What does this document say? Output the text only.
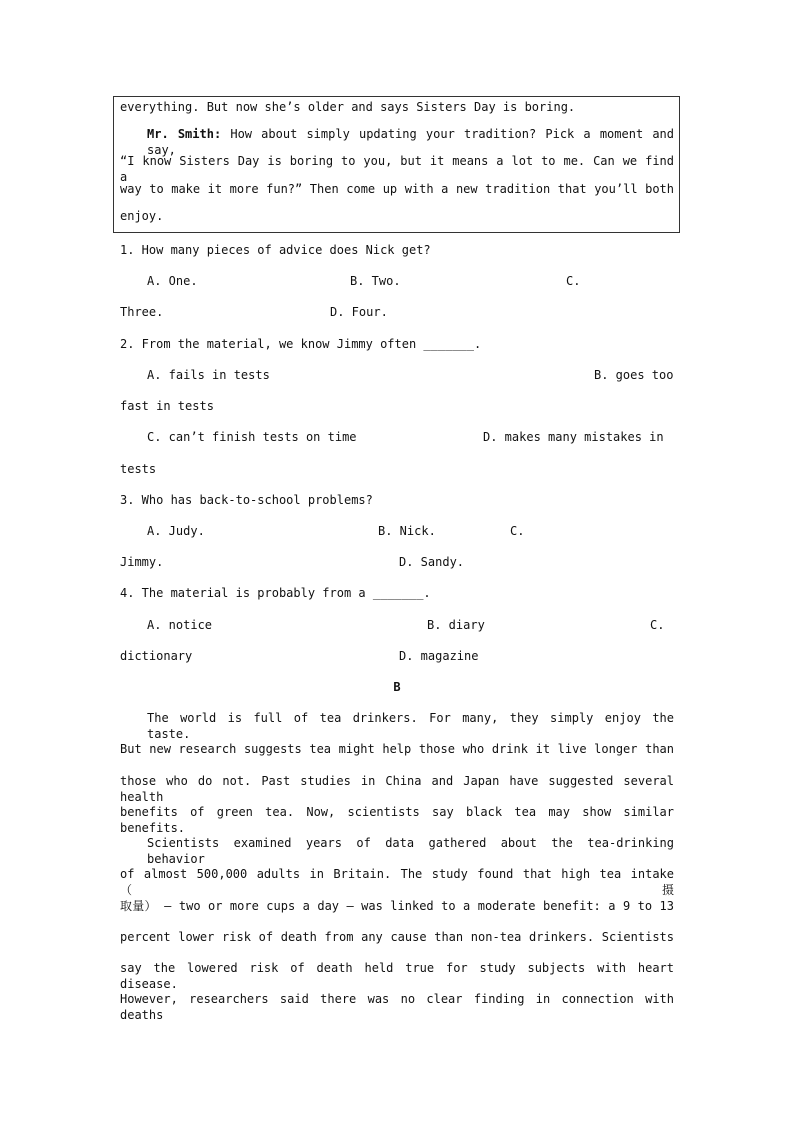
everything. But now she’s older and says Sisters Day is boring.
Mr. Smith: How about simply updating your tradition? Pick a moment and say,
“I know Sisters Day is boring to you, but it means a lot to me. Can we find a
way to make it more fun?” Then come up with a new tradition that you’ll both
enjoy.
1. How many pieces of advice does Nick get?
A. One.	B. Two.	C.
Three.	D. Four.
2. From the material, we know Jimmy often _______.
A. fails in tests	B. goes too
fast in tests
C. can’t finish tests on time	D. makes many mistakes in
tests
3. Who has back-to-school problems?
A. Judy.	B. Nick.	C.
Jimmy.	D. Sandy.
4. The material is probably from a _______.
A. notice	B. diary	C.
dictionary	D. magazine
B
The world is full of tea drinkers. For many, they simply enjoy the taste.
But new research suggests tea might help those who drink it live longer than
those who do not. Past studies in China and Japan have suggested several health
benefits of green tea. Now, scientists say black tea may show similar benefits.
Scientists examined years of data gathered about the tea-drinking behavior
of almost 500,000 adults in Britain. The study found that high tea intake （摄
取量） — two or more cups a day — was linked to a moderate benefit: a 9 to 13
percent lower risk of death from any cause than non-tea drinkers. Scientists
say the lowered risk of death held true for study subjects with heart disease.
However, researchers said there was no clear finding in connection with deaths
